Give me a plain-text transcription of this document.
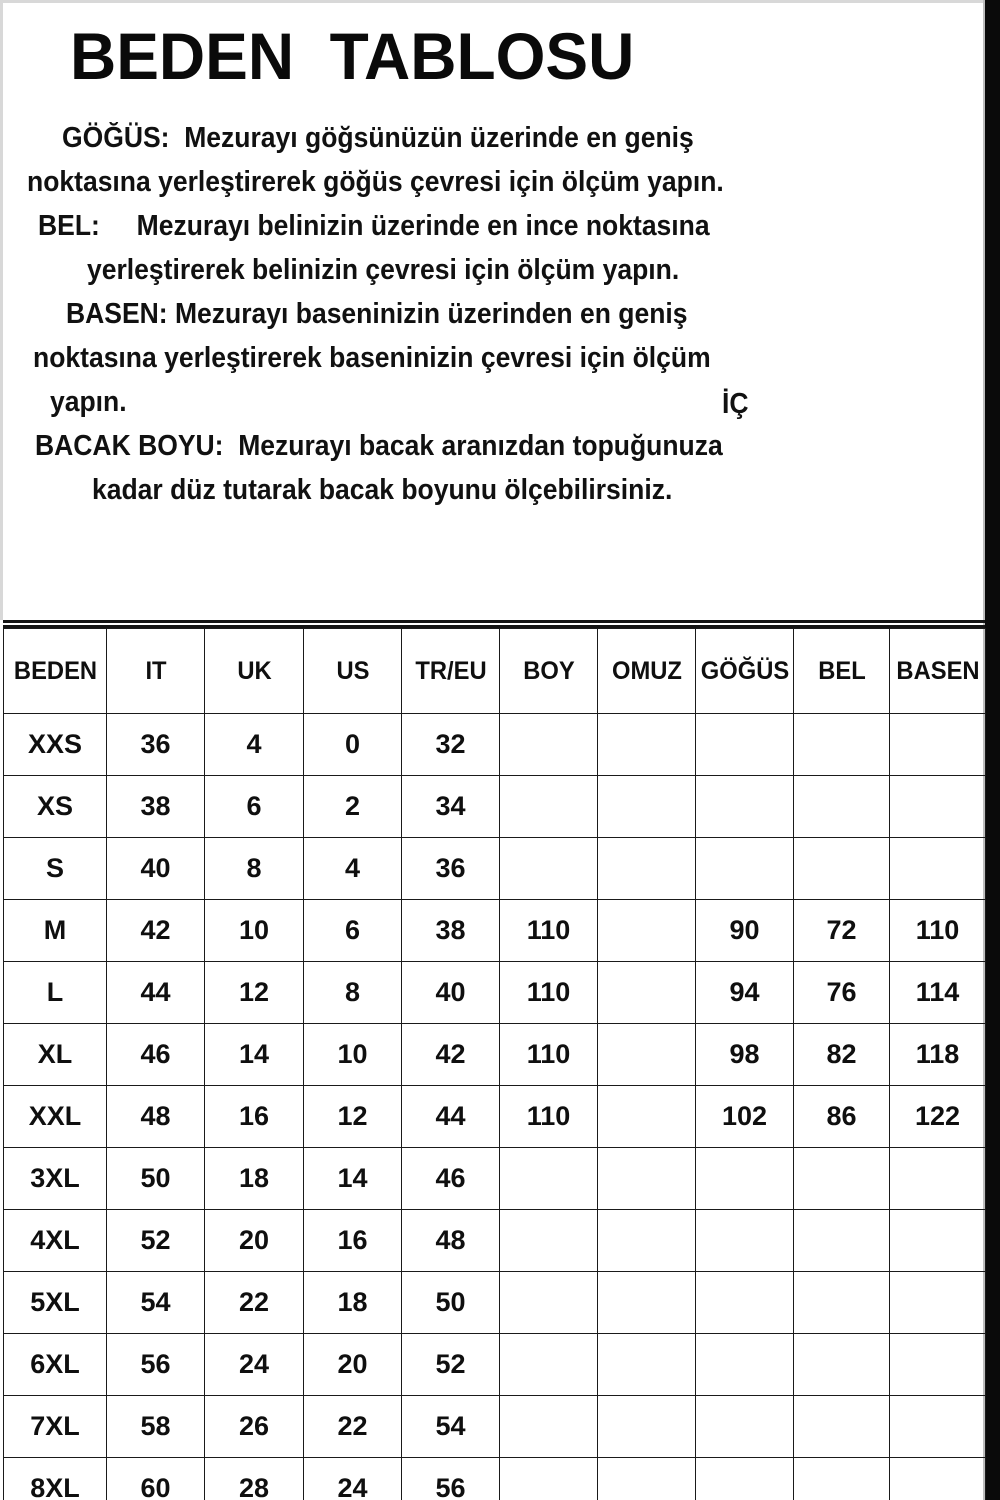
BEDEN  TABLOSU
GÖĞÜS:  Mezurayı göğsünüzün üzerinde en geniş
noktasına yerleştirerek göğüs çevresi için ölçüm yapın.
BEL:     Mezurayı belinizin üzerinde en ince noktasına
yerleştirerek belinizin çevresi için ölçüm yapın.
BASEN: Mezurayı baseninizin üzerinden en geniş
noktasına yerleştirerek baseninizin çevresi için ölçüm
yapın.
BACAK BOYU:  Mezurayı bacak aranızdan topuğunuza
kadar düz tutarak bacak boyunu ölçebilirsiniz.
İÇ
BEDEN	IT	UK	US	TR/EU	BOY	OMUZ	GÖĞÜS	BEL	BASEN
XXS	36	4	0	32					
XS	38	6	2	34					
S	40	8	4	36					
M	42	10	6	38	110		90	72	110
L	44	12	8	40	110		94	76	114
XL	46	14	10	42	110		98	82	118
XXL	48	16	12	44	110		102	86	122
3XL	50	18	14	46					
4XL	52	20	16	48					
5XL	54	22	18	50					
6XL	56	24	20	52					
7XL	58	26	22	54					
8XL	60	28	24	56					
